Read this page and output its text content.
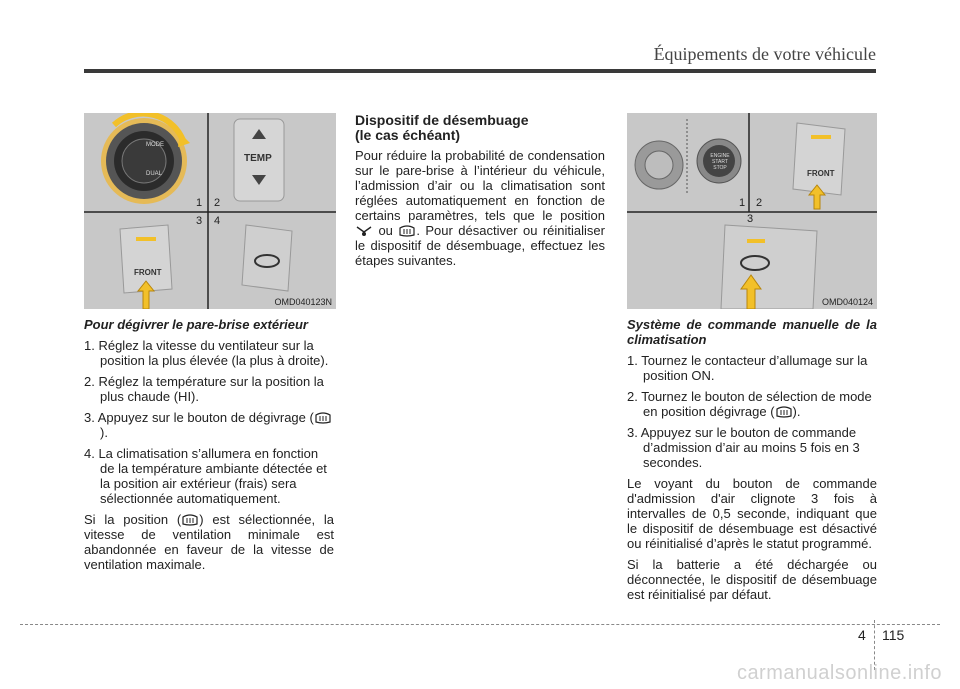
Équipements de votre véhicule
MODE
DUAL
TEMP
FRONT
1 2
3 4
OMD040123N
ENGINE START STOP
FRONT
1 2
3
OMD040124

Pour dégivrer le pare-brise extérieur

1. Réglez la vitesse du ventilateur sur la position la plus élevée (la plus à droite).
2. Réglez la température sur la position la plus chaude (HI).
3. Appuyez sur le bouton de dégivrage ().
4. La climatisation s’allumera en fonction de la température ambiante détectée et la position air extérieur (frais) sera sélectionnée automatiquement.

Si la position ( ) est sélectionnée, la vitesse de ventilation minimale est abandonnée en faveur de la vitesse de ventilation maximale.

Dispositif de désembuage
(le cas échéant)

Pour réduire la probabilité de condensation sur le pare-brise à l’intérieur du véhicule, l’admission d’air ou la climatisation sont réglées automatiquement en fonction de certains paramètres, tels que le position  ou . Pour désactiver ou réinitialiser le dispositif de désembuage, effectuez les étapes suivantes.

Système de commande manuelle de la climatisation

1. Tournez le contacteur d’allumage sur la position ON.
2. Tournez le bouton de sélection de mode en position dégivrage ( ).
3. Appuyez sur le bouton de commande d’admission d’air au moins 5 fois en 3 secondes.

Le voyant du bouton de commande d'admission d'air clignote 3 fois à intervalles de 0,5 seconde, indiquant que le dispositif de désembuage est désactivé ou réinitialisé d’après le statut programmé.

Si la batterie a été déchargée ou déconnectée, le dispositif de désembuage est réinitialisé par défaut.

4 115
carmanualsonline.info
